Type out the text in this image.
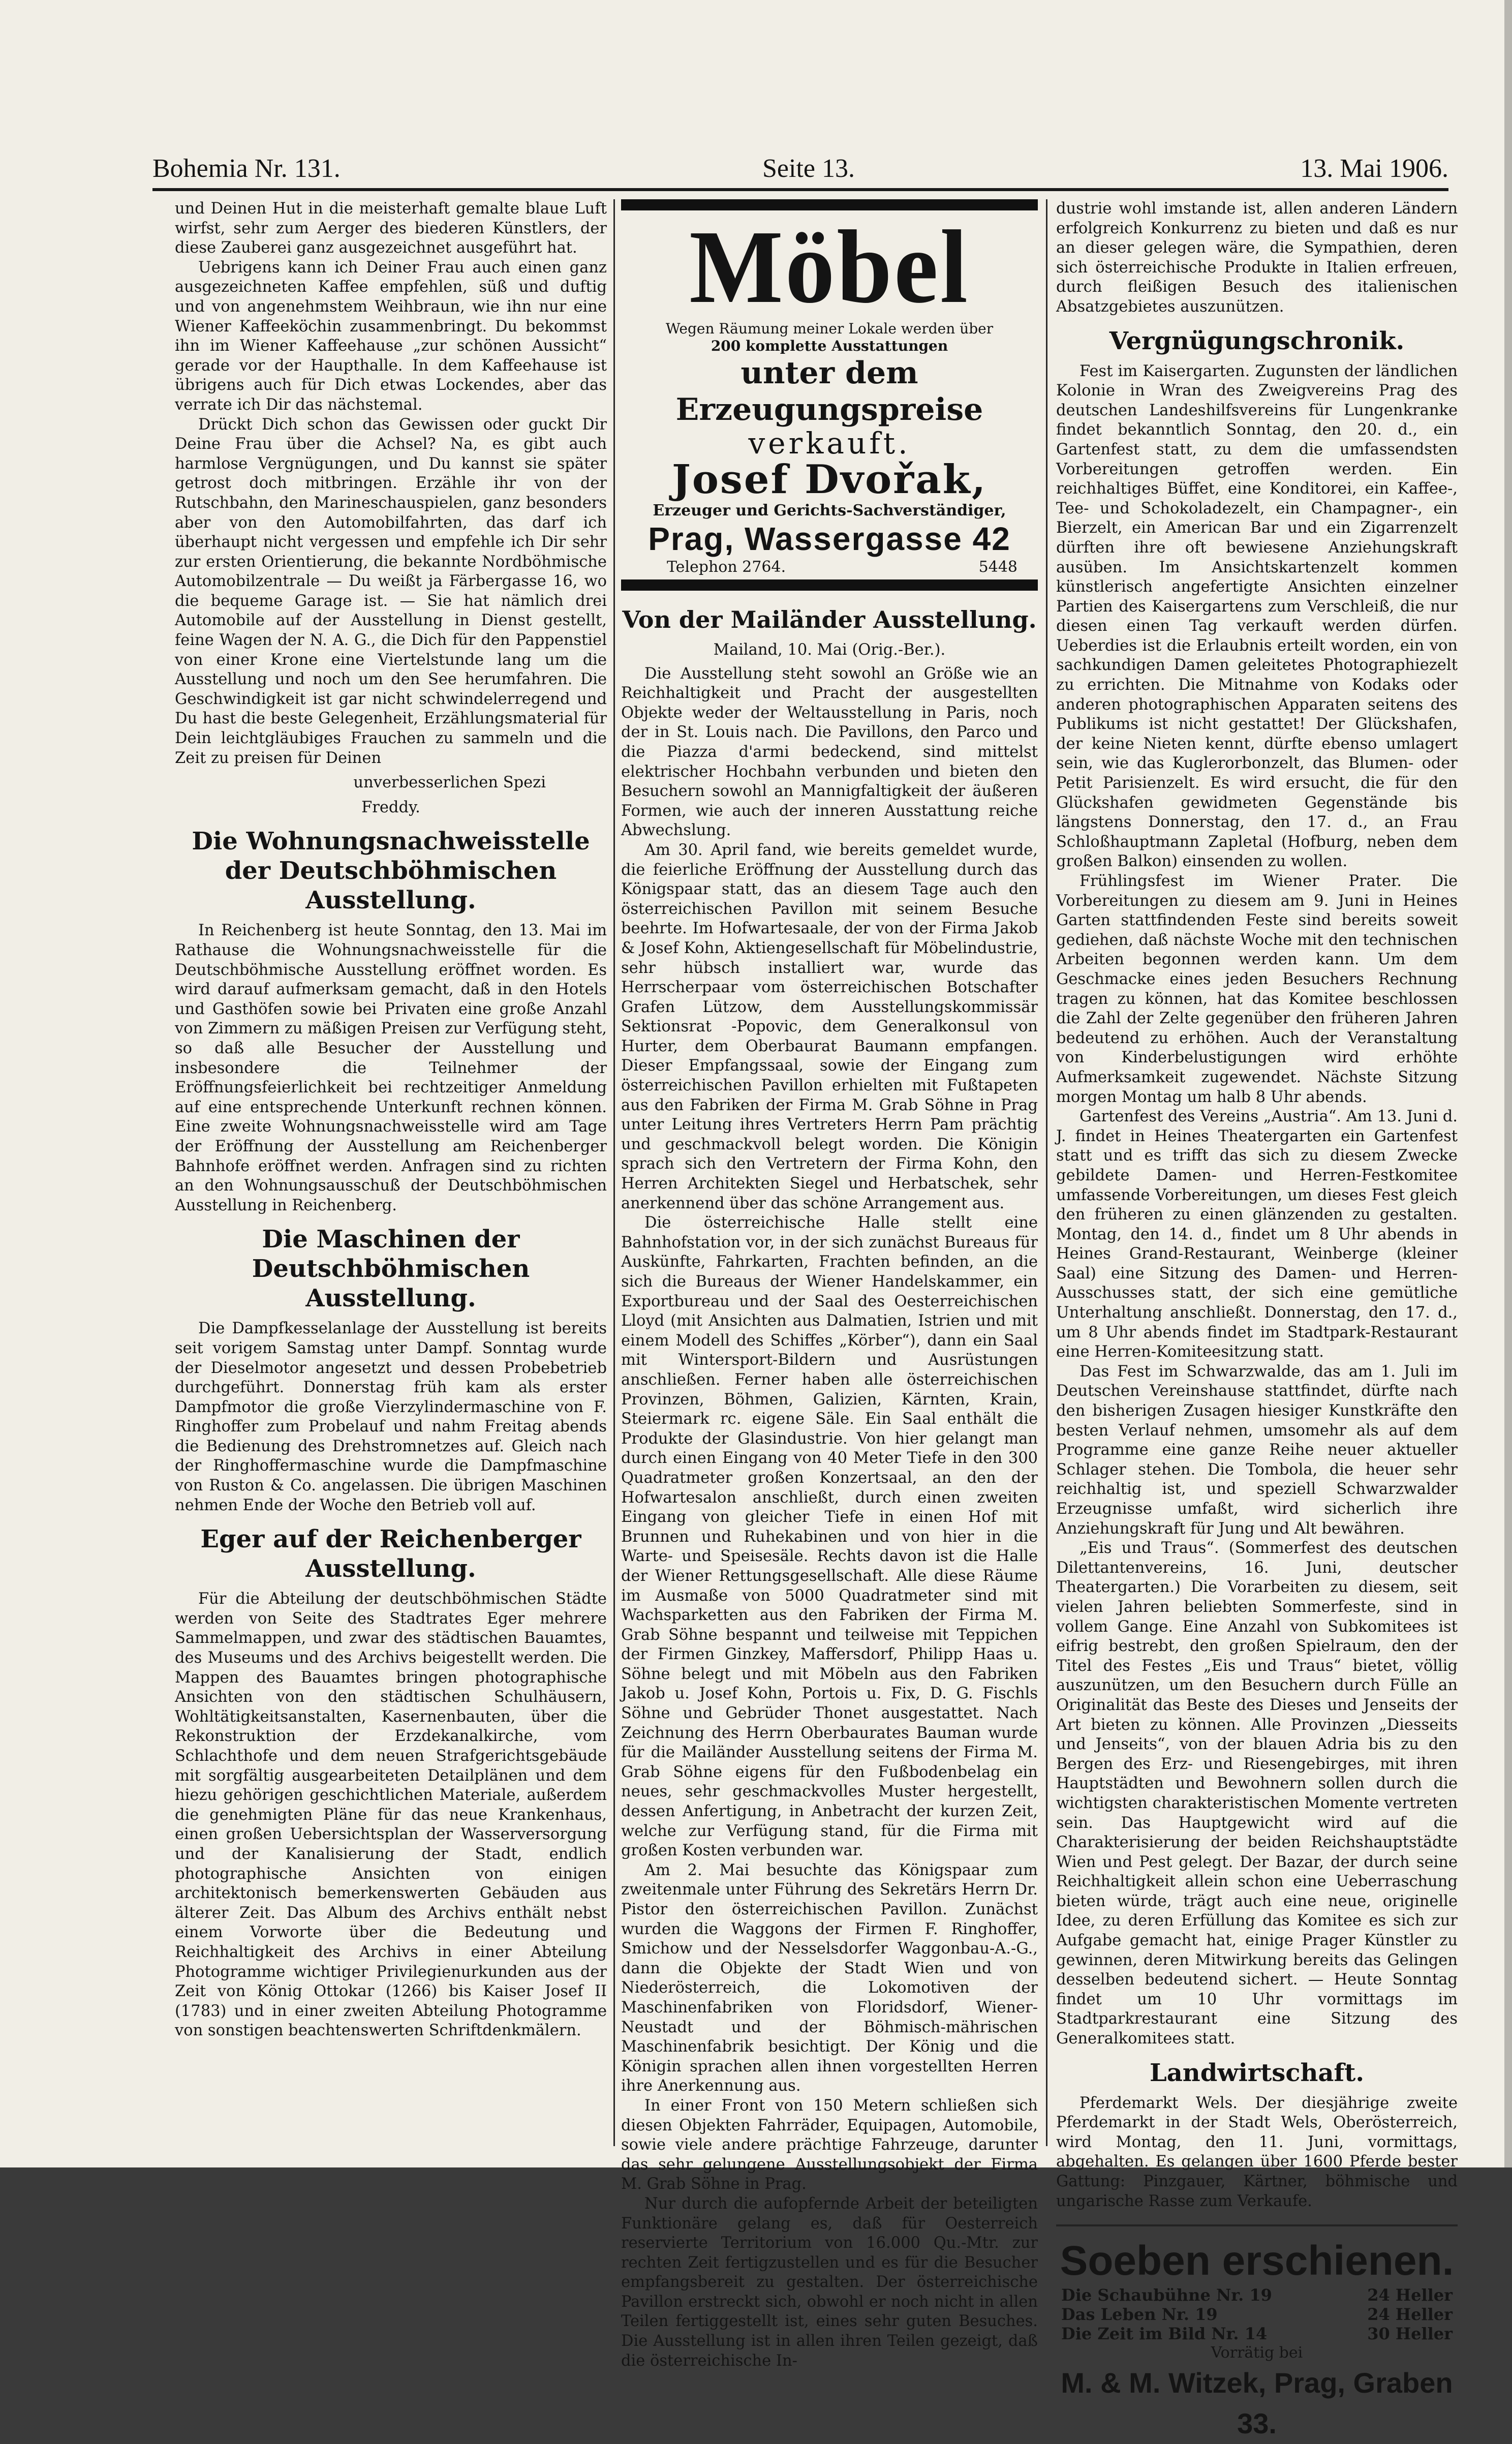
Bohemia Nr. 131.	Seite 13.	13. Mai 1906.

und Deinen Hut in die meisterhaft gemalte blaue Luft wirfst, sehr zum Aerger des biederen Künstlers, der diese Zauberei ganz ausgezeichnet ausgeführt hat.

Uebrigens kann ich Deiner Frau auch einen ganz ausgezeichneten Kaffee empfehlen, süß und duftig und von angenehmstem Weihbraun, wie ihn nur eine Wiener Kaffeeköchin zusammenbringt. Du bekommst ihn im Wiener Kaffeehause „zur schönen Aussicht“ gerade vor der Haupthalle. In dem Kaffeehause ist übrigens auch für Dich etwas Lockendes, aber das verrate ich Dir das nächstemal.

Drückt Dich schon das Gewissen oder guckt Dir Deine Frau über die Achsel? Na, es gibt auch harmlose Vergnügungen, und Du kannst sie später getrost doch mitbringen. Erzähle ihr von der Rutschbahn, den Marineschauspielen, ganz besonders aber von den Automobilfahrten, das darf ich überhaupt nicht vergessen und empfehle ich Dir sehr zur ersten Orientierung, die bekannte Nordböhmische Automobilzentrale — Du weißt ja Färbergasse 16, wo die bequeme Garage ist. — Sie hat nämlich drei Automobile auf der Ausstellung in Dienst gestellt, feine Wagen der N. A. G., die Dich für den Pappenstiel von einer Krone eine Viertelstunde lang um die Ausstellung und noch um den See herumfahren. Die Geschwindigkeit ist gar nicht schwindelerregend und Du hast die beste Gelegenheit, Erzählungsmaterial für Dein leichtgläubiges Frauchen zu sammeln und die Zeit zu preisen für Deinen

unverbesserlichen Spezi
Freddy.
Die Wohnungsnachweisstelle der Deutschböhmischen Ausstellung.

In Reichenberg ist heute Sonntag, den 13. Mai im Rathause die Wohnungsnachweisstelle für die Deutschböhmische Ausstellung eröffnet worden. Es wird darauf aufmerksam gemacht, daß in den Hotels und Gasthöfen sowie bei Privaten eine große Anzahl von Zimmern zu mäßigen Preisen zur Verfügung steht, so daß alle Besucher der Ausstellung und insbesondere die Teilnehmer der Eröffnungsfeierlichkeit bei rechtzeitiger Anmeldung auf eine entsprechende Unterkunft rechnen können. Eine zweite Wohnungsnachweisstelle wird am Tage der Eröffnung der Ausstellung am Reichenberger Bahnhofe eröffnet werden. Anfragen sind zu richten an den Wohnungsausschuß der Deutschböhmischen Ausstellung in Reichenberg.

Die Maschinen der Deutschböhmischen Ausstellung.

Die Dampfkesselanlage der Ausstellung ist bereits seit vorigem Samstag unter Dampf. Sonntag wurde der Dieselmotor angesetzt und dessen Probebetrieb durchgeführt. Donnerstag früh kam als erster Dampfmotor die große Vierzylindermaschine von F. Ringhoffer zum Probelauf und nahm Freitag abends die Bedienung des Drehstromnetzes auf. Gleich nach der Ringhoffermaschine wurde die Dampfmaschine von Ruston & Co. angelassen. Die übrigen Maschinen nehmen Ende der Woche den Betrieb voll auf.

Eger auf der Reichenberger Ausstellung.

Für die Abteilung der deutschböhmischen Städte werden von Seite des Stadtrates Eger mehrere Sammelmappen, und zwar des städtischen Bauamtes, des Museums und des Archivs beigestellt werden. Die Mappen des Bauamtes bringen photographische Ansichten von den städtischen Schulhäusern, Wohltätigkeitsanstalten, Kasernenbauten, über die Rekonstruktion der Erzdekanalkirche, vom Schlachthofe und dem neuen Strafgerichtsgebäude mit sorgfältig ausgearbeiteten Detailplänen und dem hiezu gehörigen geschichtlichen Materiale, außerdem die genehmigten Pläne für das neue Krankenhaus, einen großen Uebersichtsplan der Wasserversorgung und der Kanalisierung der Stadt, endlich photographische Ansichten von einigen architektonisch bemerkenswerten Gebäuden aus älterer Zeit. Das Album des Archivs enthält nebst einem Vorworte über die Bedeutung und Reichhaltigkeit des Archivs in einer Abteilung Photogramme wichtiger Privilegienurkunden aus der Zeit von König Ottokar (1266) bis Kaiser Josef II (1783) und in einer zweiten Abteilung Photogramme von sonstigen beachtenswerten Schriftdenkmälern.

Möbel
Wegen Räumung meiner Lokale werden über
200 komplette Ausstattungen
unter dem Erzeugungspreise
verkauft.
Josef Dvořak,
Erzeuger und Gerichts-Sachverständiger,
Prag, Wassergasse 42
Telephon 2764.	5448
Von der Mailänder Ausstellung.
Mailand, 10. Mai (Orig.-Ber.).

Die Ausstellung steht sowohl an Größe wie an Reichhaltigkeit und Pracht der ausgestellten Objekte weder der Weltausstellung in Paris, noch der in St. Louis nach. Die Pavillons, den Parco und die Piazza d'armi bedeckend, sind mittelst elektrischer Hochbahn verbunden und bieten den Besuchern sowohl an Mannigfaltigkeit der äußeren Formen, wie auch der inneren Ausstattung reiche Abwechslung.

Am 30. April fand, wie bereits gemeldet wurde, die feierliche Eröffnung der Ausstellung durch das Königspaar statt, das an diesem Tage auch den österreichischen Pavillon mit seinem Besuche beehrte. Im Hofwartesaale, der von der Firma Jakob & Josef Kohn, Aktiengesellschaft für Möbelindustrie, sehr hübsch installiert war, wurde das Herrscherpaar vom österreichischen Botschafter Grafen Lützow, dem Ausstellungskommissär Sektionsrat -Popovic, dem Generalkonsul von Hurter, dem Oberbaurat Baumann empfangen. Dieser Empfangssaal, sowie der Eingang zum österreichischen Pavillon erhielten mit Fußtapeten aus den Fabriken der Firma M. Grab Söhne in Prag unter Leitung ihres Vertreters Herrn Pam prächtig und geschmackvoll belegt worden. Die Königin sprach sich den Vertretern der Firma Kohn, den Herren Architekten Siegel und Herbatschek, sehr anerkennend über das schöne Arrangement aus.

Die österreichische Halle stellt eine Bahnhofstation vor, in der sich zunächst Bureaus für Auskünfte, Fahrkarten, Frachten befinden, an die sich die Bureaus der Wiener Handelskammer, ein Exportbureau und der Saal des Oesterreichischen Lloyd (mit Ansichten aus Dalmatien, Istrien und mit einem Modell des Schiffes „Körber“), dann ein Saal mit Wintersport-Bildern und Ausrüstungen anschließen. Ferner haben alle österreichischen Provinzen, Böhmen, Galizien, Kärnten, Krain, Steiermark rc. eigene Säle. Ein Saal enthält die Produkte der Glasindustrie. Von hier gelangt man durch einen Eingang von 40 Meter Tiefe in den 300 Quadratmeter großen Konzertsaal, an den der Hofwartesalon anschließt, durch einen zweiten Eingang von gleicher Tiefe in einen Hof mit Brunnen und Ruhekabinen und von hier in die Warte- und Speisesäle. Rechts davon ist die Halle der Wiener Rettungsgesellschaft. Alle diese Räume im Ausmaße von 5000 Quadratmeter sind mit Wachsparketten aus den Fabriken der Firma M. Grab Söhne bespannt und teilweise mit Teppichen der Firmen Ginzkey, Maffersdorf, Philipp Haas u. Söhne belegt und mit Möbeln aus den Fabriken Jakob u. Josef Kohn, Portois u. Fix, D. G. Fischls Söhne und Gebrüder Thonet ausgestattet. Nach Zeichnung des Herrn Oberbaurates Bauman wurde für die Mailänder Ausstellung seitens der Firma M. Grab Söhne eigens für den Fußbodenbelag ein neues, sehr geschmackvolles Muster hergestellt, dessen Anfertigung, in Anbetracht der kurzen Zeit, welche zur Verfügung stand, für die Firma mit großen Kosten verbunden war.

Am 2. Mai besuchte das Königspaar zum zweitenmale unter Führung des Sekretärs Herrn Dr. Pistor den österreichischen Pavillon. Zunächst wurden die Waggons der Firmen F. Ringhoffer, Smichow und der Nesselsdorfer Waggonbau-A.-G., dann die Objekte der Stadt Wien und von Niederösterreich, die Lokomotiven der Maschinenfabriken von Floridsdorf, Wiener-Neustadt und der Böhmisch-mährischen Maschinenfabrik besichtigt. Der König und die Königin sprachen allen ihnen vorgestellten Herren ihre Anerkennung aus.

In einer Front von 150 Metern schließen sich diesen Objekten Fahrräder, Equipagen, Automobile, sowie viele andere prächtige Fahrzeuge, darunter das sehr gelungene Ausstellungsobjekt der Firma M. Grab Söhne in Prag.

Nur durch die aufopfernde Arbeit der beteiligten Funktionäre gelang es, daß für Oesterreich reservierte Territorium von 16.000 Qu.-Mtr. zur rechten Zeit fertigzustellen und es für die Besucher empfangsbereit zu gestalten. Der österreichische Pavillon erstreckt sich, obwohl er noch nicht in allen Teilen fertiggestellt ist, eines sehr guten Besuches. Die Ausstellung ist in allen ihren Teilen gezeigt, daß die österreichische In-

dustrie wohl imstande ist, allen anderen Ländern erfolgreich Konkurrenz zu bieten und daß es nur an dieser gelegen wäre, die Sympathien, deren sich österreichische Produkte in Italien erfreuen, durch fleißigen Besuch des italienischen Absatzgebietes auszunützen.

Vergnügungschronik.

Fest im Kaisergarten. Zugunsten der ländlichen Kolonie in Wran des Zweigvereins Prag des deutschen Landeshilfsvereins für Lungenkranke findet bekanntlich Sonntag, den 20. d., ein Gartenfest statt, zu dem die umfassendsten Vorbereitungen getroffen werden. Ein reichhaltiges Büffet, eine Konditorei, ein Kaffee-, Tee- und Schokoladezelt, ein Champagner-, ein Bierzelt, ein American Bar und ein Zigarrenzelt dürften ihre oft bewiesene Anziehungskraft ausüben. Im Ansichtskartenzelt kommen künstlerisch angefertigte Ansichten einzelner Partien des Kaisergartens zum Verschleiß, die nur diesen einen Tag verkauft werden dürfen. Ueberdies ist die Erlaubnis erteilt worden, ein von sachkundigen Damen geleitetes Photographiezelt zu errichten. Die Mitnahme von Kodaks oder anderen photographischen Apparaten seitens des Publikums ist nicht gestattet! Der Glückshafen, der keine Nieten kennt, dürfte ebenso umlagert sein, wie das Kuglerorbonzelt, das Blumen- oder Petit Parisienzelt. Es wird ersucht, die für den Glückshafen gewidmeten Gegenstände bis längstens Donnerstag, den 17. d., an Frau Schloßhauptmann Zapletal (Hofburg, neben dem großen Balkon) einsenden zu wollen.

Frühlingsfest im Wiener Prater. Die Vorbereitungen zu diesem am 9. Juni in Heines Garten stattfindenden Feste sind bereits soweit gediehen, daß nächste Woche mit den technischen Arbeiten begonnen werden kann. Um dem Geschmacke eines jeden Besuchers Rechnung tragen zu können, hat das Komitee beschlossen die Zahl der Zelte gegenüber den früheren Jahren bedeutend zu erhöhen. Auch der Veranstaltung von Kinderbelustigungen wird erhöhte Aufmerksamkeit zugewendet. Nächste Sitzung morgen Montag um halb 8 Uhr abends.

Gartenfest des Vereins „Austria“. Am 13. Juni d. J. findet in Heines Theatergarten ein Gartenfest statt und es trifft das sich zu diesem Zwecke gebildete Damen- und Herren-Festkomitee umfassende Vorbereitungen, um dieses Fest gleich den früheren zu einen glänzenden zu gestalten. Montag, den 14. d., findet um 8 Uhr abends in Heines Grand-Restaurant, Weinberge (kleiner Saal) eine Sitzung des Damen- und Herren-Ausschusses statt, der sich eine gemütliche Unterhaltung anschließt. Donnerstag, den 17. d., um 8 Uhr abends findet im Stadtpark-Restaurant eine Herren-Komiteesitzung statt.

Das Fest im Schwarzwalde, das am 1. Juli im Deutschen Vereinshause stattfindet, dürfte nach den bisherigen Zusagen hiesiger Kunstkräfte den besten Verlauf nehmen, umsomehr als auf dem Programme eine ganze Reihe neuer aktueller Schlager stehen. Die Tombola, die heuer sehr reichhaltig ist, und speziell Schwarzwalder Erzeugnisse umfaßt, wird sicherlich ihre Anziehungskraft für Jung und Alt bewähren.

„Eis und Traus“. (Sommerfest des deutschen Dilettantenvereins, 16. Juni, deutscher Theatergarten.) Die Vorarbeiten zu diesem, seit vielen Jahren beliebten Sommerfeste, sind in vollem Gange. Eine Anzahl von Subkomitees ist eifrig bestrebt, den großen Spielraum, den der Titel des Festes „Eis und Traus“ bietet, völlig auszunützen, um den Besuchern durch Fülle an Originalität das Beste des Dieses und Jenseits der Art bieten zu können. Alle Provinzen „Diesseits und Jenseits“, von der blauen Adria bis zu den Bergen des Erz- und Riesengebirges, mit ihren Hauptstädten und Bewohnern sollen durch die wichtigsten charakteristischen Momente vertreten sein. Das Hauptgewicht wird auf die Charakterisierung der beiden Reichshauptstädte Wien und Pest gelegt. Der Bazar, der durch seine Reichhaltigkeit allein schon eine Ueberraschung bieten würde, trägt auch eine neue, originelle Idee, zu deren Erfüllung das Komitee es sich zur Aufgabe gemacht hat, einige Prager Künstler zu gewinnen, deren Mitwirkung bereits das Gelingen desselben bedeutend sichert. — Heute Sonntag findet um 10 Uhr vormittags im Stadtparkrestaurant eine Sitzung des Generalkomitees statt.

Landwirtschaft.

Pferdemarkt Wels. Der diesjährige zweite Pferdemarkt in der Stadt Wels, Oberösterreich, wird Montag, den 11. Juni, vormittags, abgehalten. Es gelangen über 1600 Pferde bester Gattung: Pinzgauer, Kärtner, böhmische und ungarische Rasse zum Verkaufe.

Soeben erschienen.
Die Schaubühne Nr. 19	24 Heller
Das Leben Nr. 19	24 Heller
Die Zeit im Bild Nr. 14	30 Heller
Vorrätig bei
M. & M. Witzek, Prag, Graben 33.
